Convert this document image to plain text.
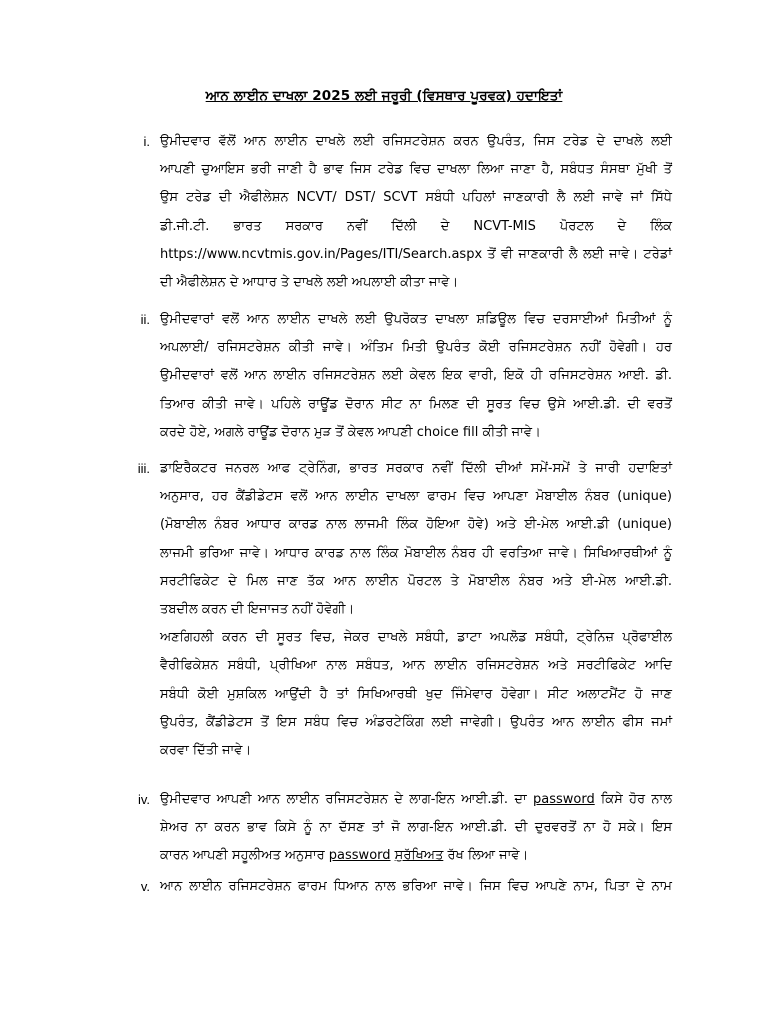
ਆਨ ਲਾਈਨ ਦਾਖਲਾ 2025 ਲਈ ਜਰੂਰੀ (ਵਿਸਥਾਰ ਪੂਰਵਕ) ਹਦਾਇਤਾਂ
i. ਉਮੀਦਵਾਰ ਵੱਲੋਂ ਆਨ ਲਾਈਨ ਦਾਖਲੇ ਲਈ ਰਜਿਸਟਰੇਸ਼ਨ ਕਰਨ ਉਪਰੰਤ, ਜਿਸ ਟਰੇਡ ਦੇ ਦਾਖਲੇ ਲਈ

ਆਪਣੀ ਚੁਆਇਸ ਭਰੀ ਜਾਣੀ ਹੈ ਭਾਵ ਜਿਸ ਟਰੇਡ ਵਿਚ ਦਾਖਲਾ ਲਿਆ ਜਾਣਾ ਹੈ, ਸਬੰਧਤ ਸੰਸਥਾ ਮੁੱਖੀ ਤੋਂ

ਉਸ ਟਰੇਡ ਦੀ ਐਫੀਲੇਸ਼ਨ NCVT/ DST/ SCVT ਸਬੰਧੀ ਪਹਿਲਾਂ ਜਾਣਕਾਰੀ ਲੈ ਲਈ ਜਾਵੇ ਜਾਂ ਸਿੱਧੇ

ਡੀ.ਜੀ.ਟੀ. ਭਾਰਤ ਸਰਕਾਰ ਨਵੀਂ ਦਿੱਲੀ ਦੇ NCVT-MIS ਪੋਰਟਲ ਦੇ ਲਿੰਕ

https://www.ncvtmis.gov.in/Pages/ITI/Search.aspx ਤੋਂ ਵੀ ਜਾਣਕਾਰੀ ਲੈ ਲਈ ਜਾਵੇ। ਟਰੇਡਾਂ

ਦੀ ਐਫੀਲੇਸ਼ਨ ਦੇ ਆਧਾਰ ਤੇ ਦਾਖਲੇ ਲਈ ਅਪਲਾਈ ਕੀਤਾ ਜਾਵੇ।

ii. ਉਮੀਦਵਾਰਾਂ ਵਲੋਂ ਆਨ ਲਾਈਨ ਦਾਖਲੇ ਲਈ ਉਪਰੋਕਤ ਦਾਖਲਾ ਸ਼ਡਿਊਲ ਵਿਚ ਦਰਸਾਈਆਂ ਮਿਤੀਆਂ ਨੂੰ

ਅਪਲਾਈ/ ਰਜਿਸਟਰੇਸ਼ਨ ਕੀਤੀ ਜਾਵੇ। ਅੰਤਿਮ ਮਿਤੀ ਉਪਰੰਤ ਕੋਈ ਰਜਿਸਟਰੇਸ਼ਨ ਨਹੀਂ ਹੋਵੇਗੀ। ਹਰ

ਉਮੀਦਵਾਰਾਂ ਵਲੋਂ ਆਨ ਲਾਈਨ ਰਜਿਸਟਰੇਸ਼ਨ ਲਈ ਕੇਵਲ ਇਕ ਵਾਰੀ, ਇਕੋ ਹੀ ਰਜਿਸਟਰੇਸ਼ਨ ਆਈ. ਡੀ.

ਤਿਆਰ ਕੀਤੀ ਜਾਵੇ। ਪਹਿਲੇ ਰਾਊਂਡ ਦੋਰਾਨ ਸੀਟ ਨਾ ਮਿਲਣ ਦੀ ਸੂਰਤ ਵਿਚ ਉਸੇ ਆਈ.ਡੀ. ਦੀ ਵਰਤੋਂ

ਕਰਦੇ ਹੋਏ, ਅਗਲੇ ਰਾਊਂਡ ਦੋਰਾਨ ਮੁੜ ਤੋਂ ਕੇਵਲ ਆਪਣੀ choice fill ਕੀਤੀ ਜਾਵੇ।

iii. ਡਾਇਰੈਕਟਰ ਜਨਰਲ ਆਫ ਟ੍ਰੇਨਿੰਗ, ਭਾਰਤ ਸਰਕਾਰ ਨਵੀਂ ਦਿੱਲੀ ਦੀਆਂ ਸਮੇਂ-ਸਮੇਂ ਤੇ ਜਾਰੀ ਹਦਾਇਤਾਂ

ਅਨੁਸਾਰ, ਹਰ ਕੈਂਡੀਡੇਟਸ ਵਲੋਂ ਆਨ ਲਾਈਨ ਦਾਖਲਾ ਫਾਰਮ ਵਿਚ ਆਪਣਾ ਮੋਬਾਈਲ ਨੰਬਰ (unique)

(ਮੋਬਾਈਲ ਨੰਬਰ ਆਧਾਰ ਕਾਰਡ ਨਾਲ ਲਾਜਮੀ ਲਿੰਕ ਹੋਇਆ ਹੋਵੇ) ਅਤੇ ਈ-ਮੇਲ ਆਈ.ਡੀ (unique)

ਲਾਜਮੀ ਭਰਿਆ ਜਾਵੇ। ਆਧਾਰ ਕਾਰਡ ਨਾਲ ਲਿੰਕ ਮੋਬਾਈਲ ਨੰਬਰ ਹੀ ਵਰਤਿਆ ਜਾਵੇ। ਸਿਖਿਆਰਥੀਆਂ ਨੂੰ

ਸਰਟੀਫਿਕੇਟ ਦੇ ਮਿਲ ਜਾਣ ਤੱਕ ਆਨ ਲਾਈਨ ਪੋਰਟਲ ਤੇ ਮੋਬਾਈਲ ਨੰਬਰ ਅਤੇ ਈ-ਮੇਲ ਆਈ.ਡੀ.

ਤਬਦੀਲ ਕਰਨ ਦੀ ਇਜਾਜਤ ਨਹੀਂ ਹੋਵੇਗੀ।

ਅਣਗਿਹਲੀ ਕਰਨ ਦੀ ਸੂਰਤ ਵਿਚ, ਜੇਕਰ ਦਾਖਲੇ ਸਬੰਧੀ, ਡਾਟਾ ਅਪਲੋਡ ਸਬੰਧੀ, ਟ੍ਰੇਨਿਜ਼ ਪ੍ਰੋਫਾਈਲ

ਵੈਰੀਫਿਕੇਸ਼ਨ ਸਬੰਧੀ, ਪ੍ਰੀਖਿਆ ਨਾਲ ਸਬੰਧਤ, ਆਨ ਲਾਈਨ ਰਜਿਸਟਰੇਸ਼ਨ ਅਤੇ ਸਰਟੀਫਿਕੇਟ ਆਦਿ

ਸਬੰਧੀ ਕੋਈ ਮੁਸ਼ਕਿਲ ਆਉਂਦੀ ਹੈ ਤਾਂ ਸਿਖਿਆਰਥੀ ਖੁਦ ਜਿੰਮੇਵਾਰ ਹੋਵੇਗਾ। ਸੀਟ ਅਲਾਟਮੈਂਟ ਹੋ ਜਾਣ

ਉਪਰੰਤ, ਕੈਂਡੀਡੇਟਸ ਤੋਂ ਇਸ ਸਬੰਧ ਵਿਚ ਅੰਡਰਟੇਕਿੰਗ ਲਈ ਜਾਵੇਗੀ। ਉਪਰੰਤ ਆਨ ਲਾਈਨ ਫੀਸ ਜਮਾਂ

ਕਰਵਾ ਦਿੱਤੀ ਜਾਵੇ।

iv. ਉਮੀਦਵਾਰ ਆਪਣੀ ਆਨ ਲਾਈਨ ਰਜਿਸਟਰੇਸ਼ਨ ਦੇ ਲਾਗ-ਇਨ ਆਈ.ਡੀ. ਦਾ password ਕਿਸੇ ਹੋਰ ਨਾਲ

ਸ਼ੇਅਰ ਨਾ ਕਰਨ ਭਾਵ ਕਿਸੇ ਨੂੰ ਨਾ ਦੱਸਣ ਤਾਂ ਜੋ ਲਾਗ-ਇਨ ਆਈ.ਡੀ. ਦੀ ਦੁਰਵਰਤੋਂ ਨਾ ਹੋ ਸਕੇ। ਇਸ

ਕਾਰਨ ਆਪਣੀ ਸਹੂਲੀਅਤ ਅਨੁਸਾਰ password ਸੁਰੱਖਿਅਤ ਰੱਖ ਲਿਆ ਜਾਵੇ।

v. ਆਨ ਲਾਈਨ ਰਜਿਸਟਰੇਸ਼ਨ ਫਾਰਮ ਧਿਆਨ ਨਾਲ ਭਰਿਆ ਜਾਵੇ। ਜਿਸ ਵਿਚ ਆਪਣੇ ਨਾਮ, ਪਿਤਾ ਦੇ ਨਾਮ
